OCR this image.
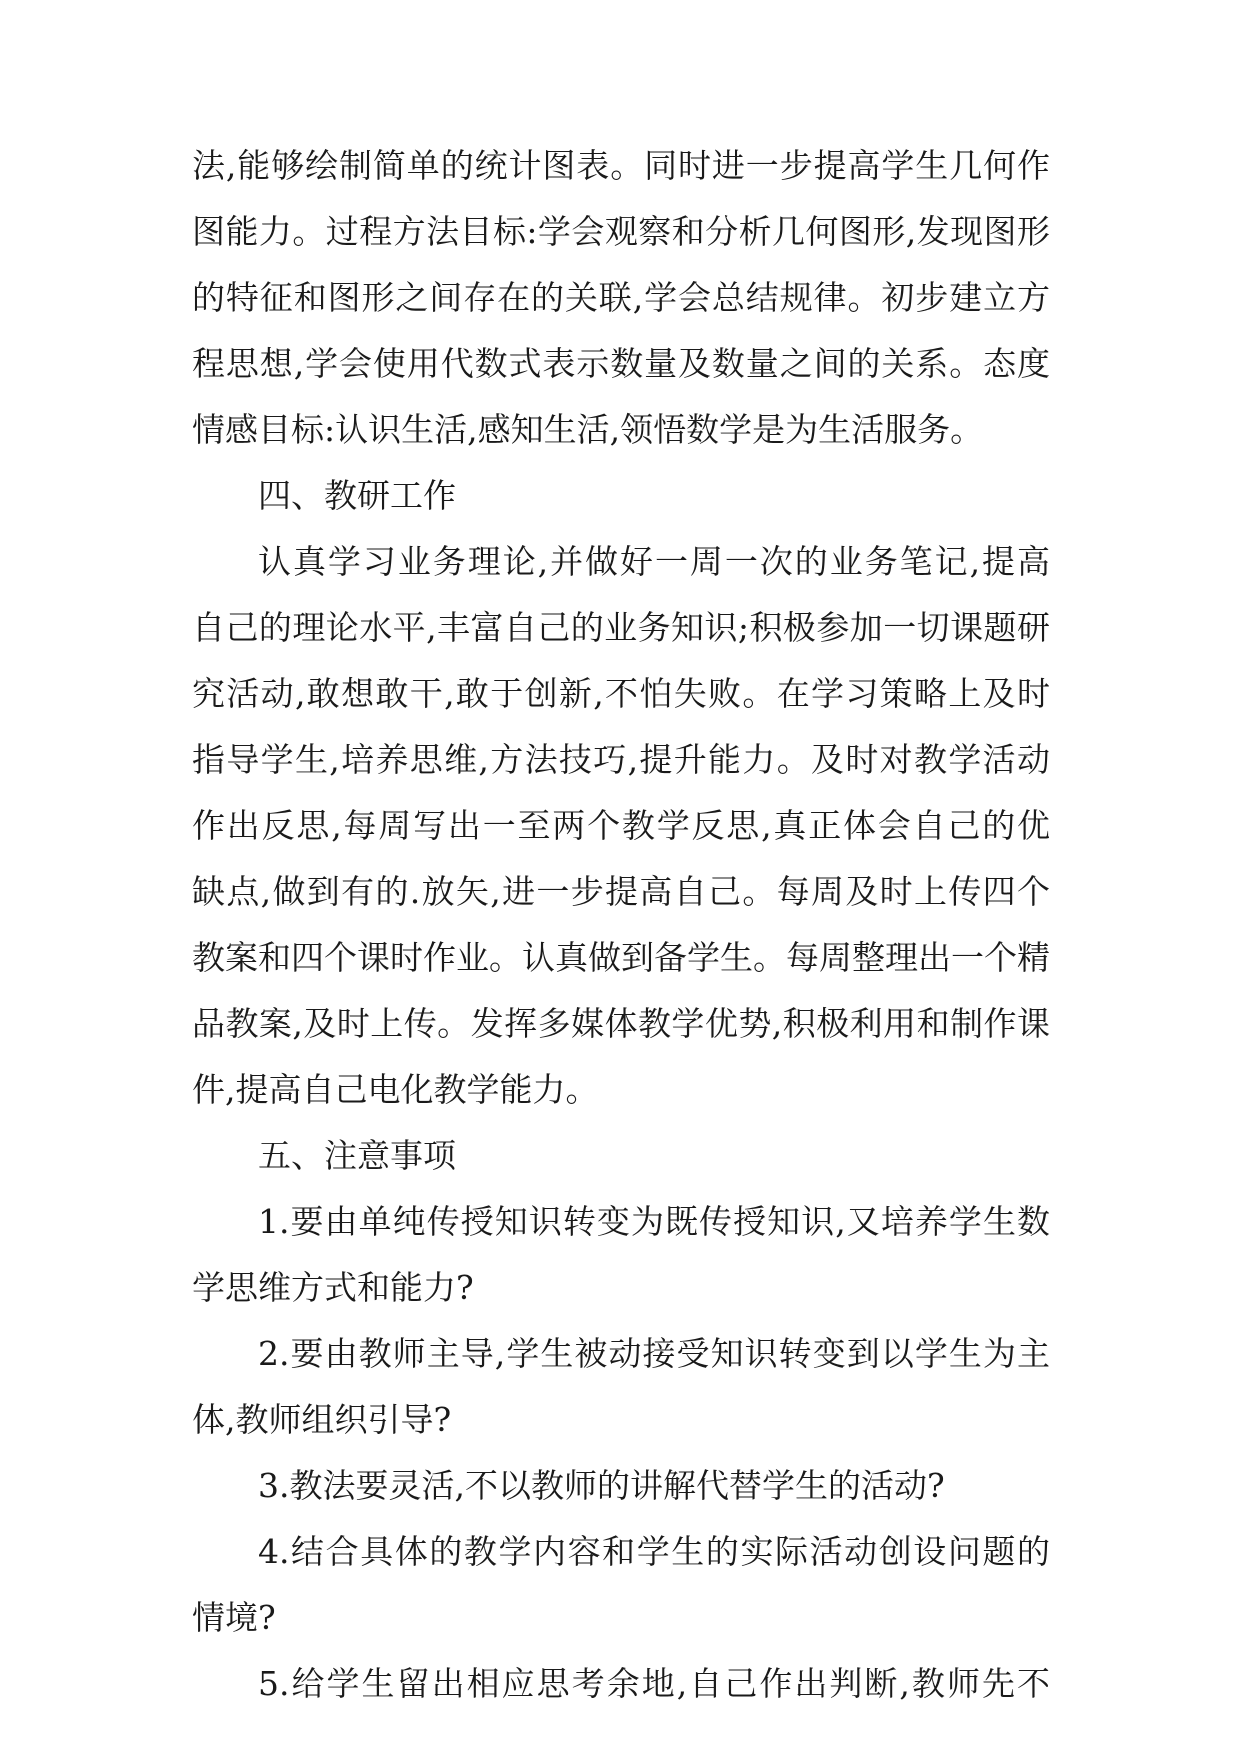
法,能够绘制简单的统计图表。同时进一步提高学生几何作
图能力。过程方法目标:学会观察和分析几何图形,发现图形
的特征和图形之间存在的关联,学会总结规律。初步建立方
程思想,学会使用代数式表示数量及数量之间的关系。态度
情感目标:认识生活,感知生活,领悟数学是为生活服务。
四、教研工作
认真学习业务理论,并做好一周一次的业务笔记,提高
自己的理论水平,丰富自己的业务知识;积极参加一切课题研
究活动,敢想敢干,敢于创新,不怕失败。在学习策略上及时
指导学生,培养思维,方法技巧,提升能力。及时对教学活动
作出反思,每周写出一至两个教学反思,真正体会自己的优
缺点,做到有的.放矢,进一步提高自己。每周及时上传四个
教案和四个课时作业。认真做到备学生。每周整理出一个精
品教案,及时上传。发挥多媒体教学优势,积极利用和制作课
件,提高自己电化教学能力。
五、注意事项
1.要由单纯传授知识转变为既传授知识,又培养学生数
学思维方式和能力?
2.要由教师主导,学生被动接受知识转变到以学生为主
体,教师组织引导?
3.教法要灵活,不以教师的讲解代替学生的活动?
4.结合具体的教学内容和学生的实际活动创设问题的
情境?
5.给学生留出相应思考余地,自己作出判断,教师先不
